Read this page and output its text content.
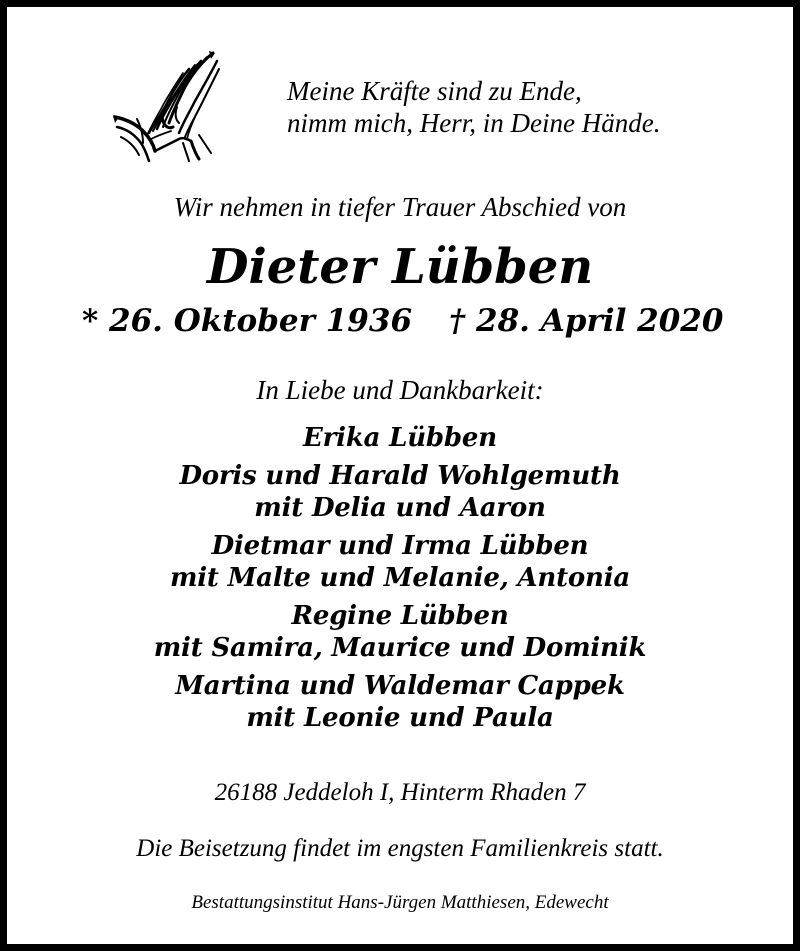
Meine Kräfte sind zu Ende,
nimm mich, Herr, in Deine Hände.
Wir nehmen in tiefer Trauer Abschied von
Dieter Lübben
* 26. Oktober 1936 † 28. April 2020
In Liebe und Dankbarkeit:
Erika Lübben
Doris und Harald Wohlgemuth
mit Delia und Aaron
Dietmar und Irma Lübben
mit Malte und Melanie, Antonia
Regine Lübben
mit Samira, Maurice und Dominik
Martina und Waldemar Cappek
mit Leonie und Paula
26188 Jeddeloh I, Hinterm Rhaden 7
Die Beisetzung findet im engsten Familienkreis statt.
Bestattungsinstitut Hans-Jürgen Matthiesen, Edewecht
